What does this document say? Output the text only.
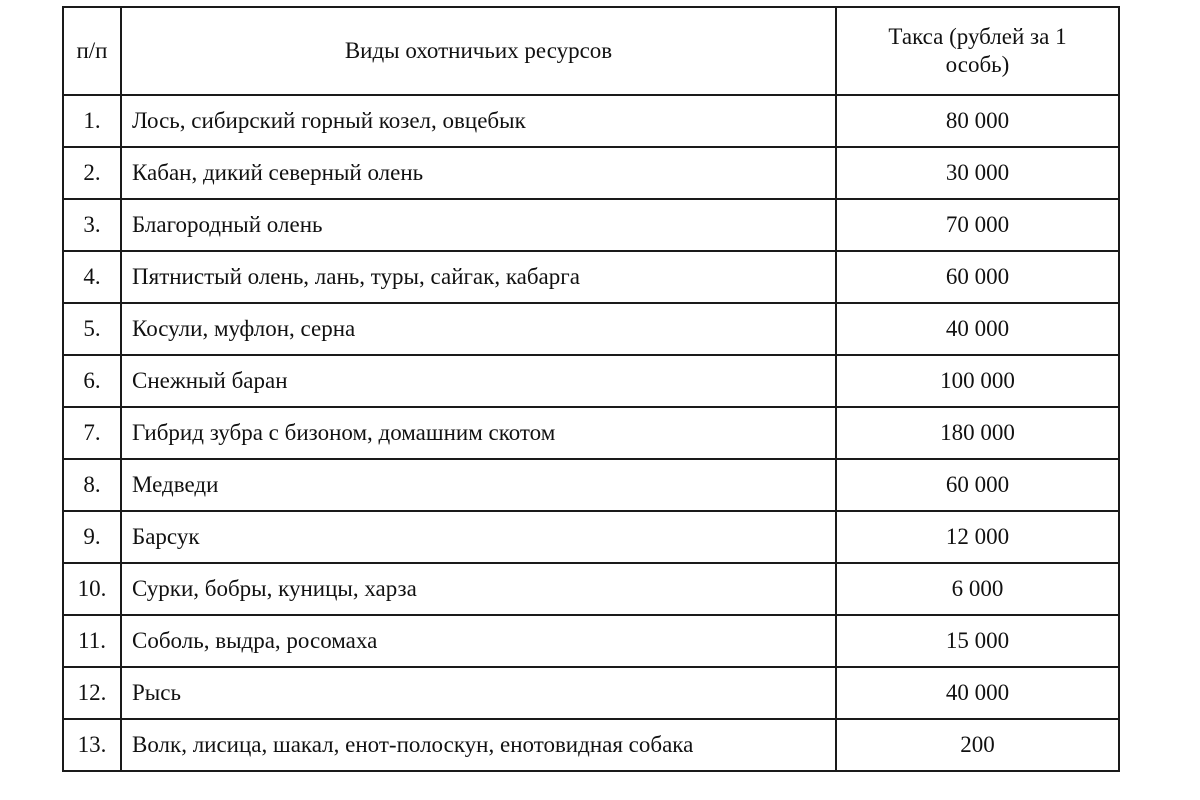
п/п	Виды охотничьих ресурсов	Такса (рублей за 1 особь)
1.	Лось, сибирский горный козел, овцебык	80 000
2.	Кабан, дикий северный олень	30 000
3.	Благородный олень	70 000
4.	Пятнистый олень, лань, туры, сайгак, кабарга	60 000
5.	Косули, муфлон, серна	40 000
6.	Снежный баран	100 000
7.	Гибрид зубра с бизоном, домашним скотом	180 000
8.	Медведи	60 000
9.	Барсук	12 000
10.	Сурки, бобры, куницы, харза	6 000
11.	Соболь, выдра, росомаха	15 000
12.	Рысь	40 000
13.	Волк, лисица, шакал, енот-полоскун, енотовидная собака	200
